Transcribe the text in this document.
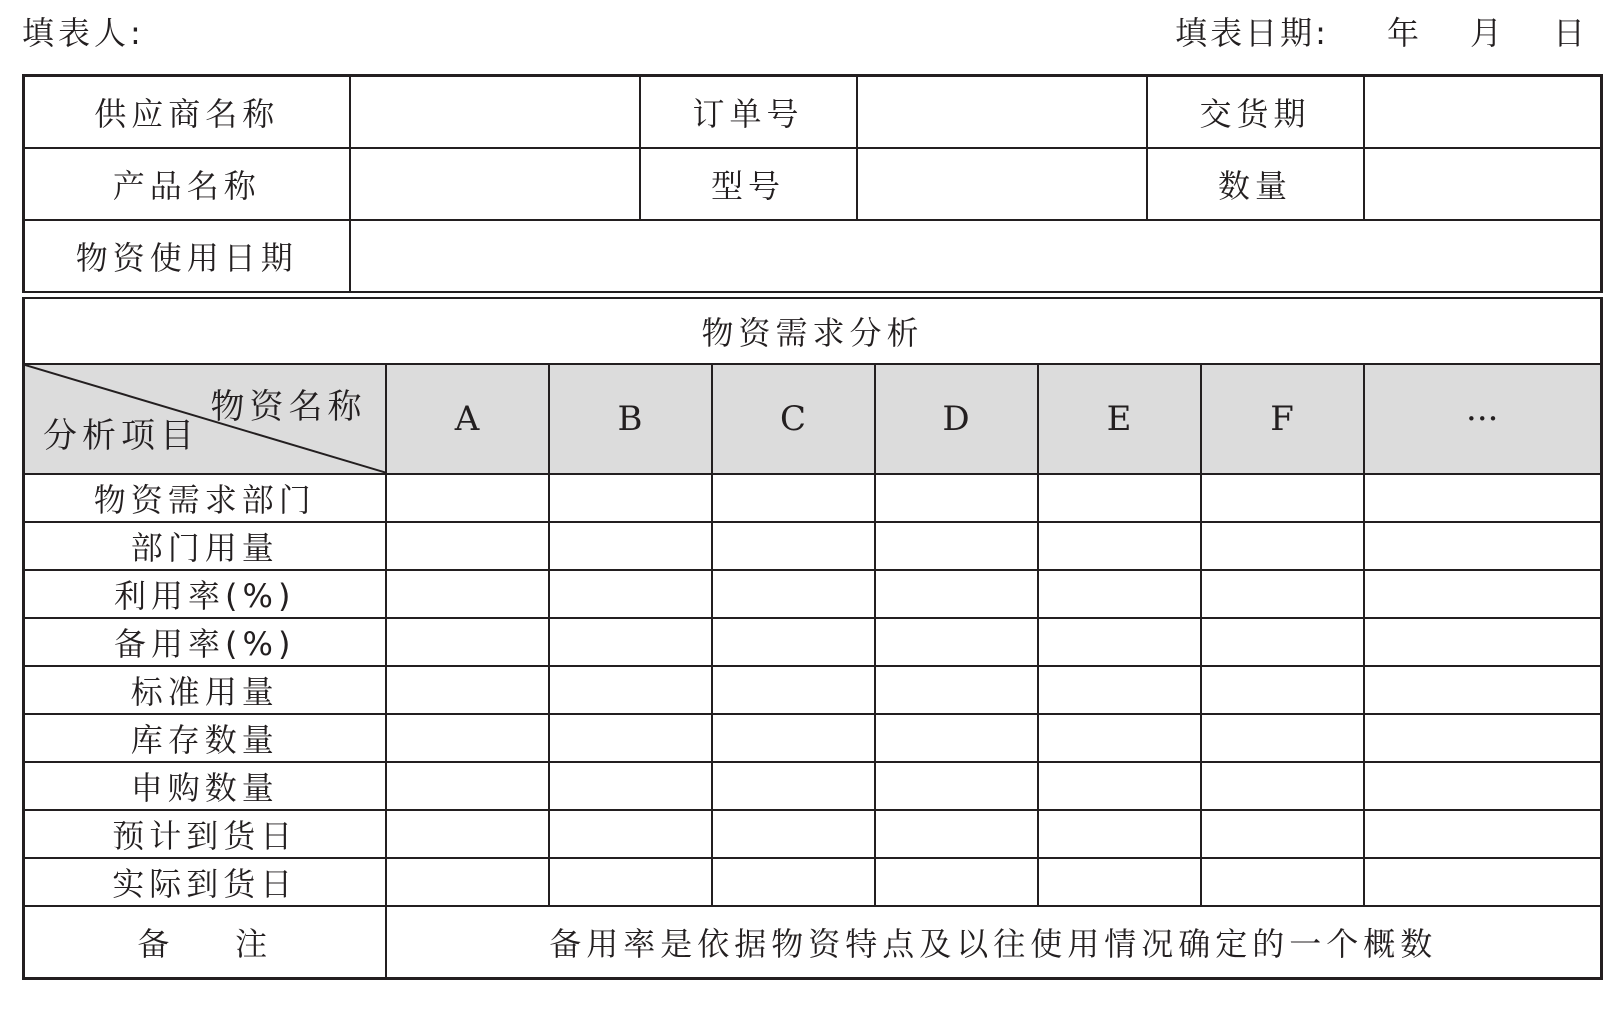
填表人:	填表日期: 年 月 日
供应商名称		订单号		交货期	
产品名称		型号		数量	
物资使用日期					
物资需求分析							

物资名称
分析项目	A	B	C	D	E	F	···
物资需求部门							
部门用量							
利用率(%)							
备用率(%)							
标准用量							
库存数量							
申购数量							
预计到货日							
实际到货日							
备    注	备用率是依据物资特点及以往使用情况确定的一个概数						
